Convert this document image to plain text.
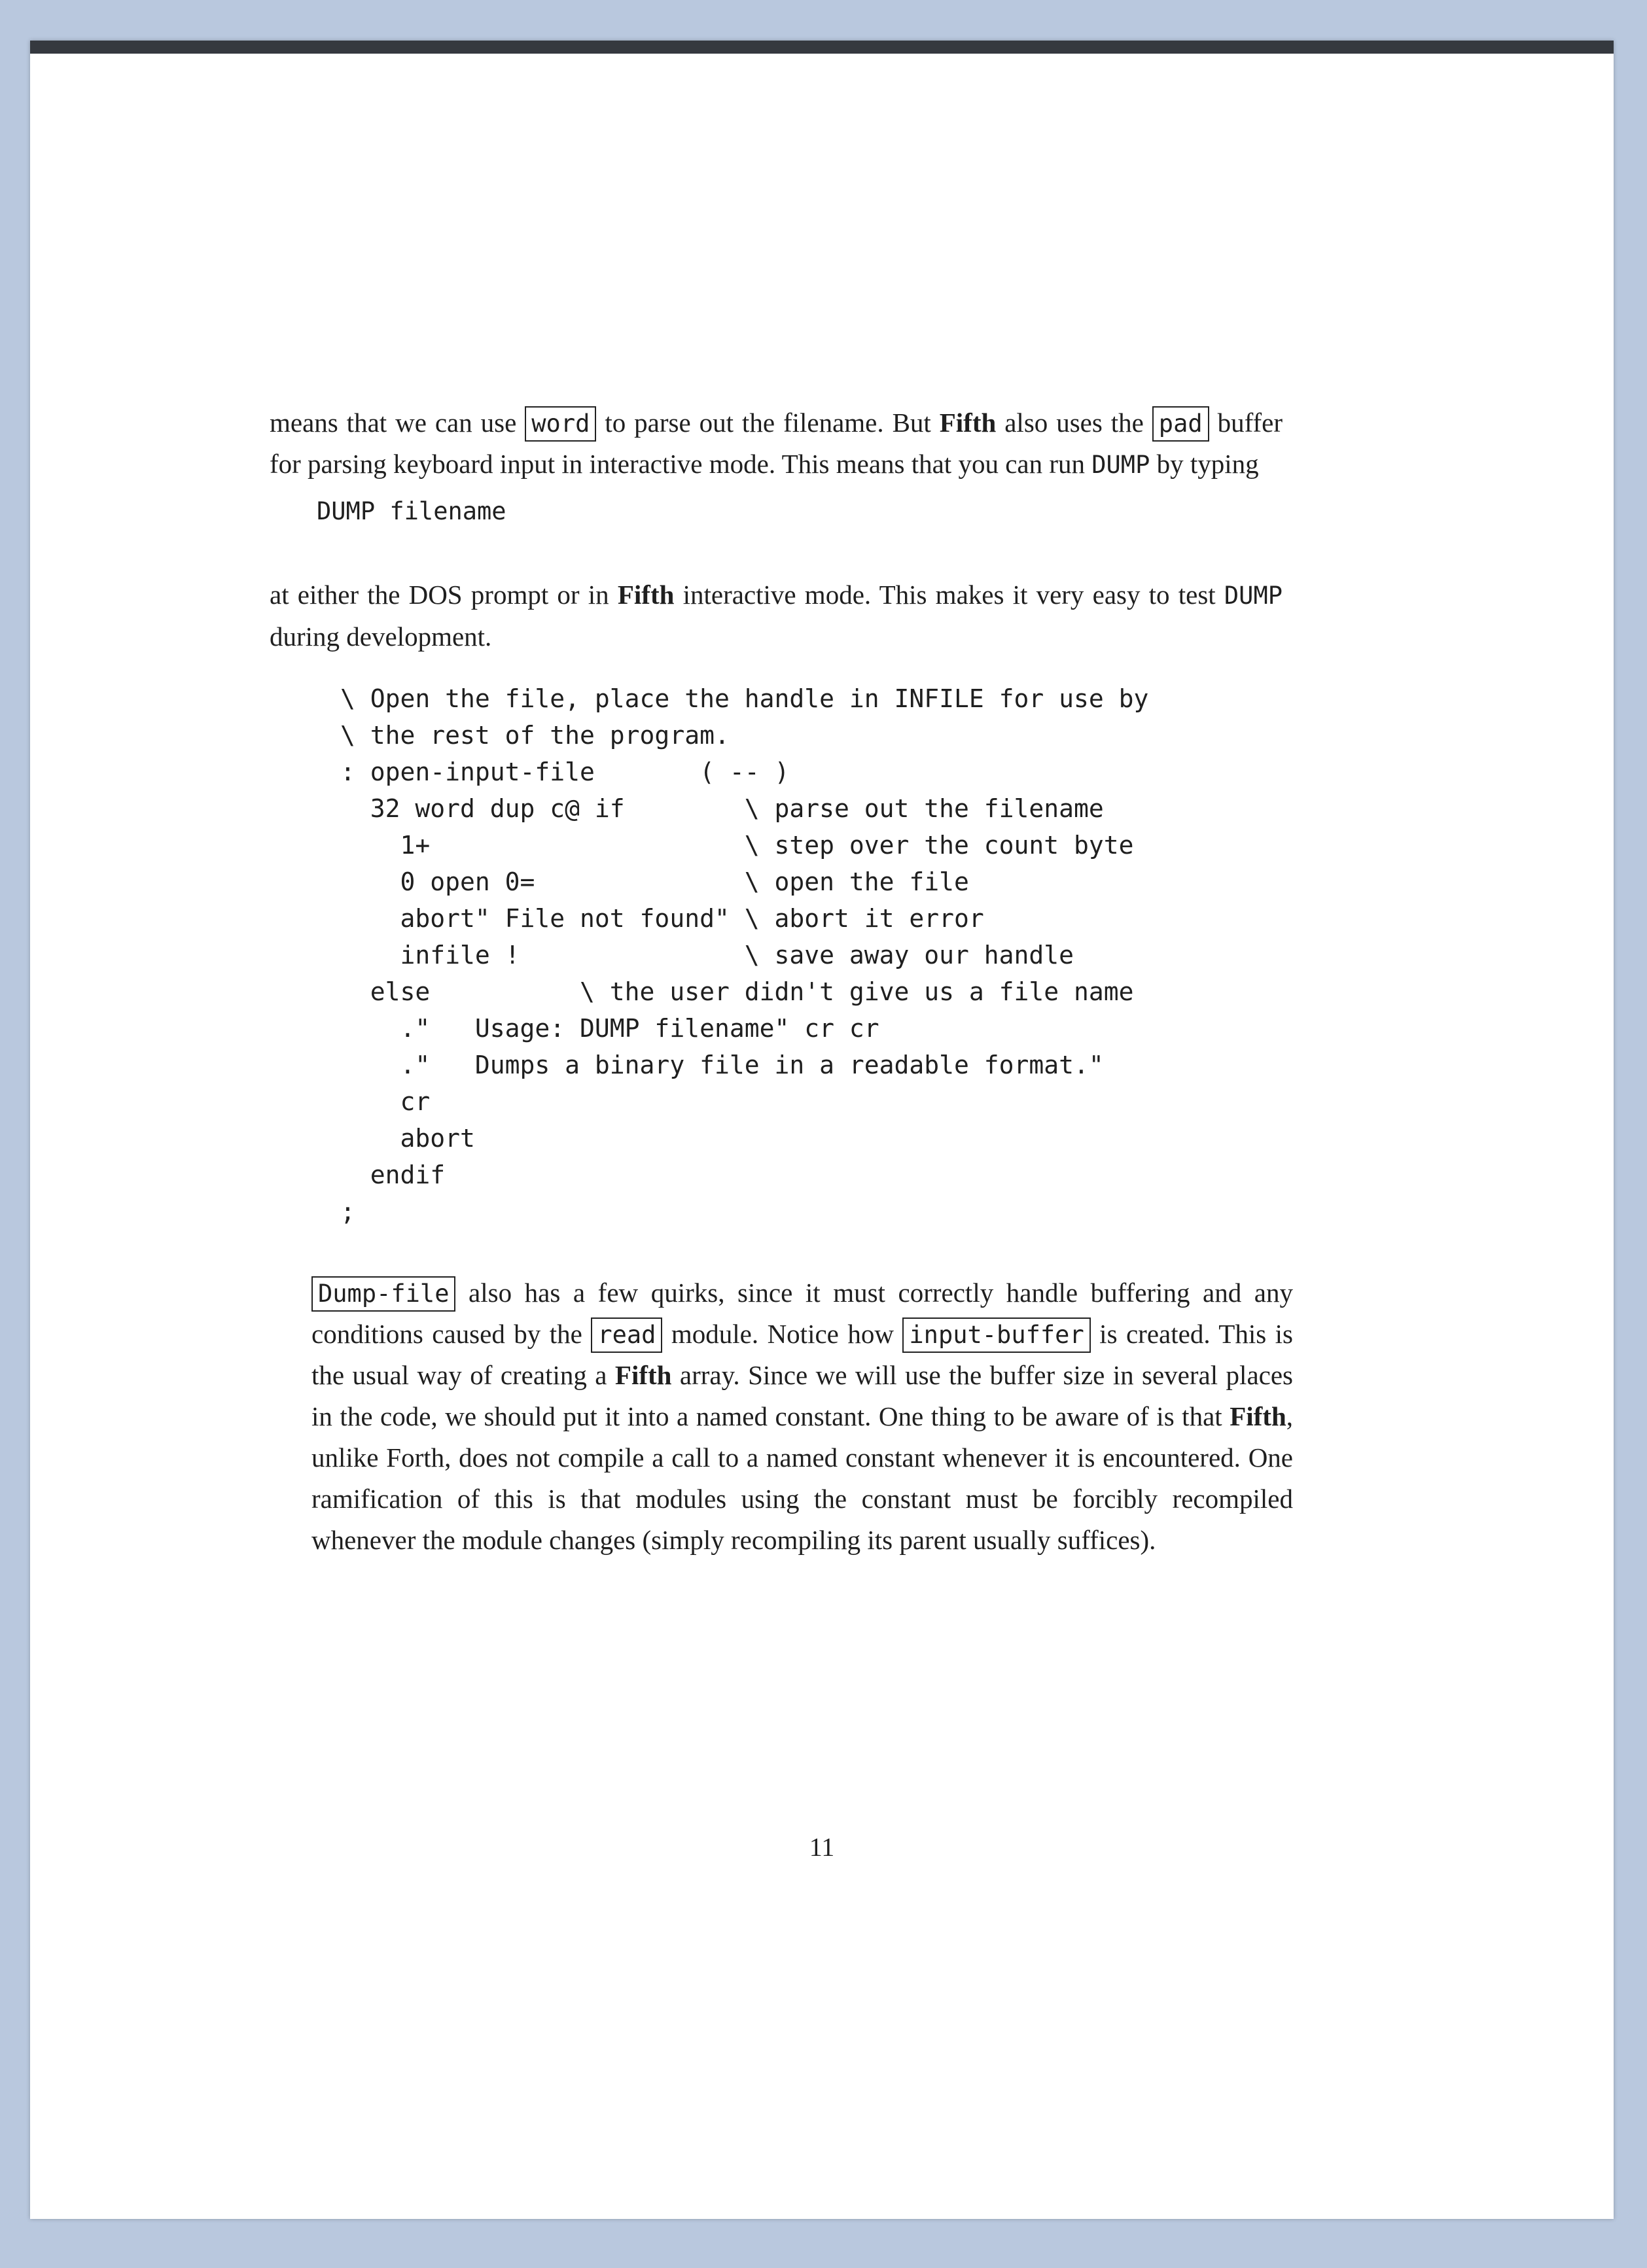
means that we can use word to parse out the filename. But Fifth also uses the pad buffer for parsing keyboard input in interactive mode. This means that you can run DUMP by typing

DUMP filename

at either the DOS prompt or in Fifth interactive mode. This makes it very easy to test DUMP during development.

\ Open the file, place the handle in INFILE for use by
\ the rest of the program.
: open-input-file       ( -- )
32 word dup c@ if        \ parse out the filename
1+                     \ step over the count byte
0 open 0=              \ open the file
abort" File not found" \ abort it error
infile !               \ save away our handle
else          \ the user didn't give us a file name
."   Usage: DUMP filename" cr cr
."   Dumps a binary file in a readable format."
cr
abort
endif
;

Dump-file also has a few quirks, since it must correctly handle buffering and any conditions caused by the read module. Notice how input-buffer is created. This is the usual way of creating a Fifth array. Since we will use the buffer size in several places in the code, we should put it into a named constant. One thing to be aware of is that Fifth, unlike Forth, does not compile a call to a named constant whenever it is encountered. One ramification of this is that modules using the constant must be forcibly recompiled whenever the module changes (simply recompiling its parent usually suffices).

11
